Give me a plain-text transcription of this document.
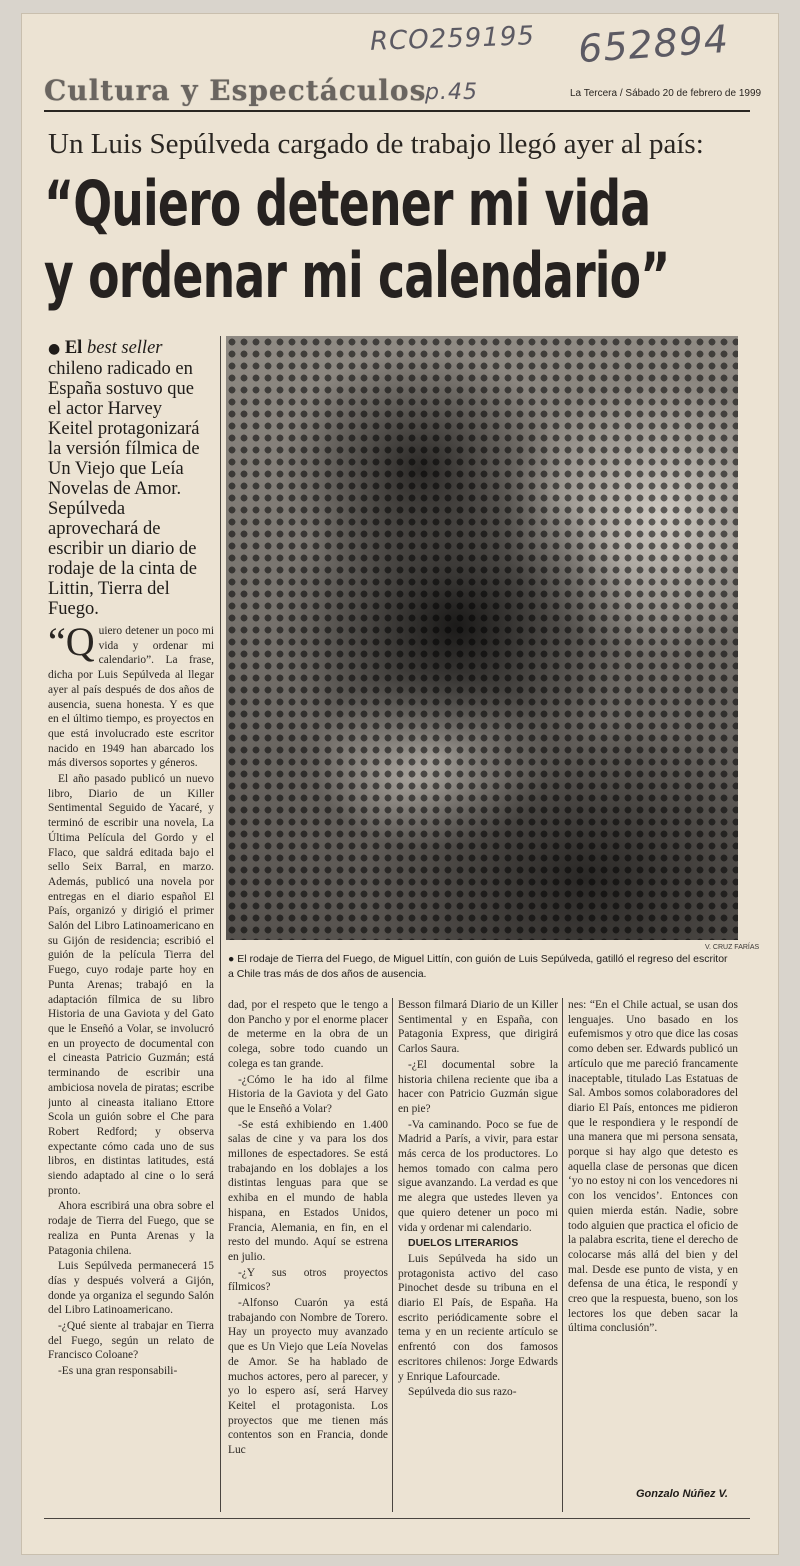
RCO259195 652894
p.45
Cultura y Espectáculos	La Tercera / Sábado 20 de febrero de 1999
Un Luis Sepúlveda cargado de trabajo llegó ayer al país:
“Quiero detener mi vida
y ordenar mi calendario”
● El best seller chileno radicado en España sostuvo que el actor Harvey Keitel protagonizará la versión fílmica de Un Viejo que Leía Novelas de Amor. Sepúlveda aprovechará de escribir un diario de rodaje de la cinta de Littin, Tierra del Fuego.
V. CRUZ FARÍAS
● El rodaje de Tierra del Fuego, de Miguel Littín, con guión de Luis Sepúlveda, gatilló el regreso del escritor a Chile tras más de dos años de ausencia.

“Quiero detener un poco mi vida y ordenar mi calendario”. La frase, dicha por Luis Sepúlveda al llegar ayer al país después de dos años de ausencia, suena honesta. Y es que en el último tiempo, es proyectos en que está involucrado este escritor nacido en 1949 han abarcado los más diversos soportes y géneros.

El año pasado publicó un nuevo libro, Diario de un Killer Sentimental Seguido de Yacaré, y terminó de escribir una novela, La Última Película del Gordo y el Flaco, que saldrá editada bajo el sello Seix Barral, en marzo. Además, publicó una novela por entregas en el diario español El País, organizó y dirigió el primer Salón del Libro Latinoamericano en su Gijón de residencia; escribió el guión de la película Tierra del Fuego, cuyo rodaje parte hoy en Punta Arenas; trabajó en la adaptación fílmica de su libro Historia de una Gaviota y del Gato que le Enseñó a Volar, se involucró en un proyecto de documental con el cineasta Patricio Guzmán; está terminando de escribir una ambiciosa novela de piratas; escribe junto al cineasta italiano Ettore Scola un guión sobre el Che para Robert Redford; y observa expectante cómo cada uno de sus libros, en distintas latitudes, está siendo adaptado al cine o lo será pronto.

Ahora escribirá una obra sobre el rodaje de Tierra del Fuego, que se realiza en Punta Arenas y la Patagonia chilena.

Luis Sepúlveda permanecerá 15 días y después volverá a Gijón, donde ya organiza el segundo Salón del Libro Latinoamericano.

-¿Qué siente al trabajar en Tierra del Fuego, según un relato de Francisco Coloane?

-Es una gran responsabili-

dad, por el respeto que le tengo a don Pancho y por el enorme placer de meterme en la obra de un colega, sobre todo cuando un colega es tan grande.

-¿Cómo le ha ido al filme Historia de la Gaviota y del Gato que le Enseñó a Volar?

-Se está exhibiendo en 1.400 salas de cine y va para los dos millones de espectadores. Se está trabajando en los doblajes a los distintas lenguas para que se exhiba en el mundo de habla hispana, en Estados Unidos, Francia, Alemania, en fin, en el resto del mundo. Aquí se estrena en julio.

-¿Y sus otros proyectos fílmicos?

-Alfonso Cuarón ya está trabajando con Nombre de Torero. Hay un proyecto muy avanzado que es Un Viejo que Leía Novelas de Amor. Se ha hablado de muchos actores, pero al parecer, y yo lo espero así, será Harvey Keitel el protagonista. Los proyectos que me tienen más contentos son en Francia, donde Luc

Besson filmará Diario de un Killer Sentimental y en España, con Patagonia Express, que dirigirá Carlos Saura.

-¿El documental sobre la historia chilena reciente que iba a hacer con Patricio Guzmán sigue en pie?

-Va caminando. Poco se fue de Madrid a París, a vivir, para estar más cerca de los productores. Lo hemos tomado con calma pero sigue avanzando. La verdad es que me alegra que ustedes lleven ya que quiero detener un poco mi vida y ordenar mi calendario.

DUELOS LITERARIOS

Luis Sepúlveda ha sido un protagonista activo del caso Pinochet desde su tribuna en el diario El País, de España. Ha escrito periódicamente sobre el tema y en un reciente artículo se enfrentó con dos famosos escritores chilenos: Jorge Edwards y Enrique Lafourcade.

Sepúlveda dio sus razo-

nes: “En el Chile actual, se usan dos lenguajes. Uno basado en los eufemismos y otro que dice las cosas como deben ser. Edwards publicó un artículo que me pareció francamente inaceptable, titulado Las Estatuas de Sal. Ambos somos colaboradores del diario El País, entonces me pidieron que le respondiera y le respondí de una manera que mi persona sensata, porque si hay algo que detesto es aquella clase de personas que dicen ‘yo no estoy ni con los vencedores ni con los vencidos’. Entonces con quien mierda están. Nadie, sobre todo alguien que practica el oficio de la palabra escrita, tiene el derecho de colocarse más allá del bien y del mal. Desde ese punto de vista, y en defensa de una ética, le respondí y creo que la respuesta, bueno, son los lectores los que deben sacar la última conclusión”.

Gonzalo Núñez V.
